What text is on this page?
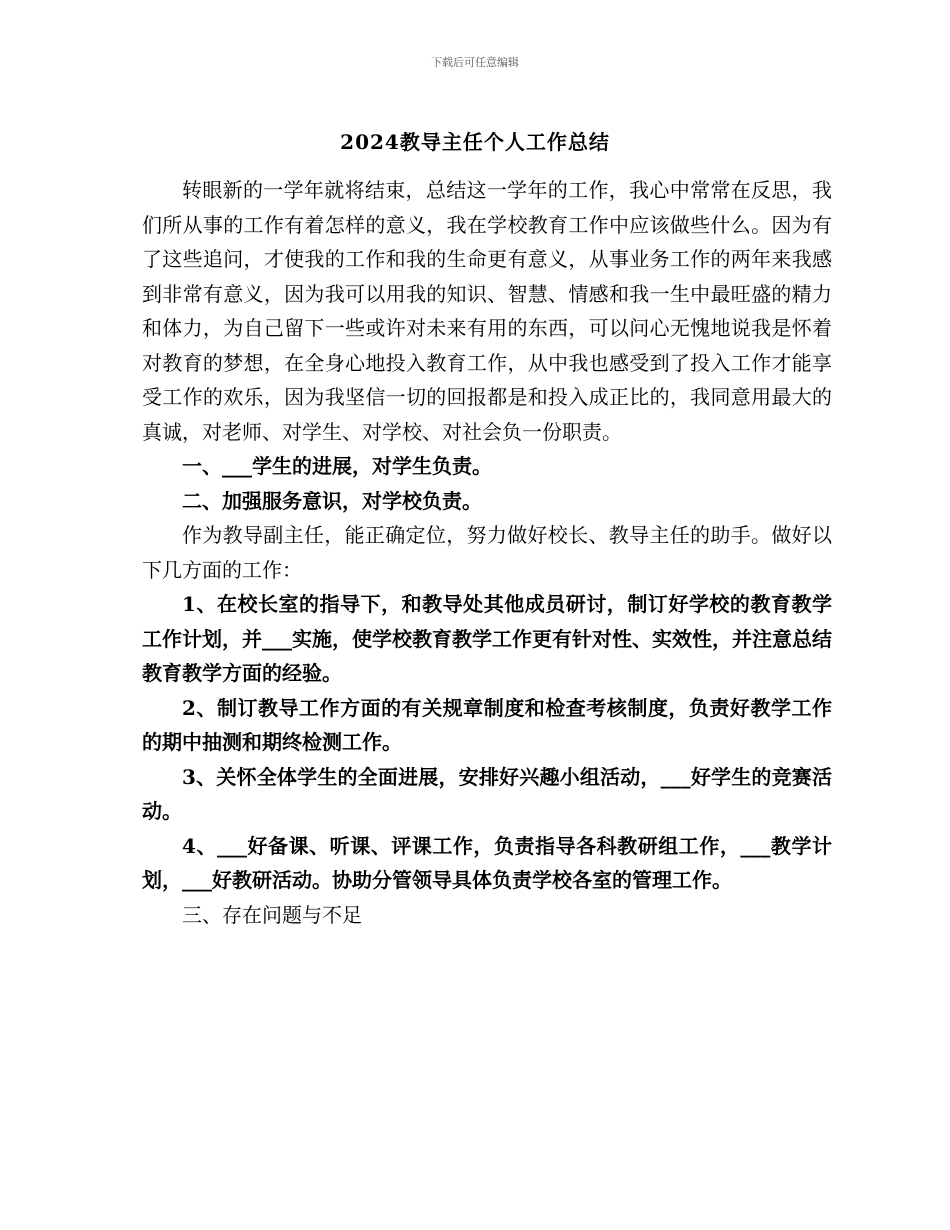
下载后可任意编辑
2024教导主任个人工作总结

转眼新的一学年就将结束，总结这一学年的工作，我心中常常在反思，我们所从事的工作有着怎样的意义，我在学校教育工作中应该做些什么。因为有了这些追问，才使我的工作和我的生命更有意义，从事业务工作的两年来我感到非常有意义，因为我可以用我的知识、智慧、情感和我一生中最旺盛的精力和体力，为自己留下一些或许对未来有用的东西，可以问心无愧地说我是怀着对教育的梦想，在全身心地投入教育工作，从中我也感受到了投入工作才能享受工作的欢乐，因为我坚信一切的回报都是和投入成正比的，我同意用最大的真诚，对老师、对学生、对学校、对社会负一份职责。

一、___学生的进展，对学生负责。

二、加强服务意识，对学校负责。

作为教导副主任，能正确定位，努力做好校长、教导主任的助手。做好以下几方面的工作：

1、在校长室的指导下，和教导处其他成员研讨，制订好学校的教育教学工作计划，并___实施，使学校教育教学工作更有针对性、实效性，并注意总结教育教学方面的经验。

2、制订教导工作方面的有关规章制度和检查考核制度，负责好教学工作的期中抽测和期终检测工作。

3、关怀全体学生的全面进展，安排好兴趣小组活动，___好学生的竞赛活动。

4、___好备课、听课、评课工作，负责指导各科教研组工作，___教学计划，___好教研活动。协助分管领导具体负责学校各室的管理工作。

三、存在问题与不足
